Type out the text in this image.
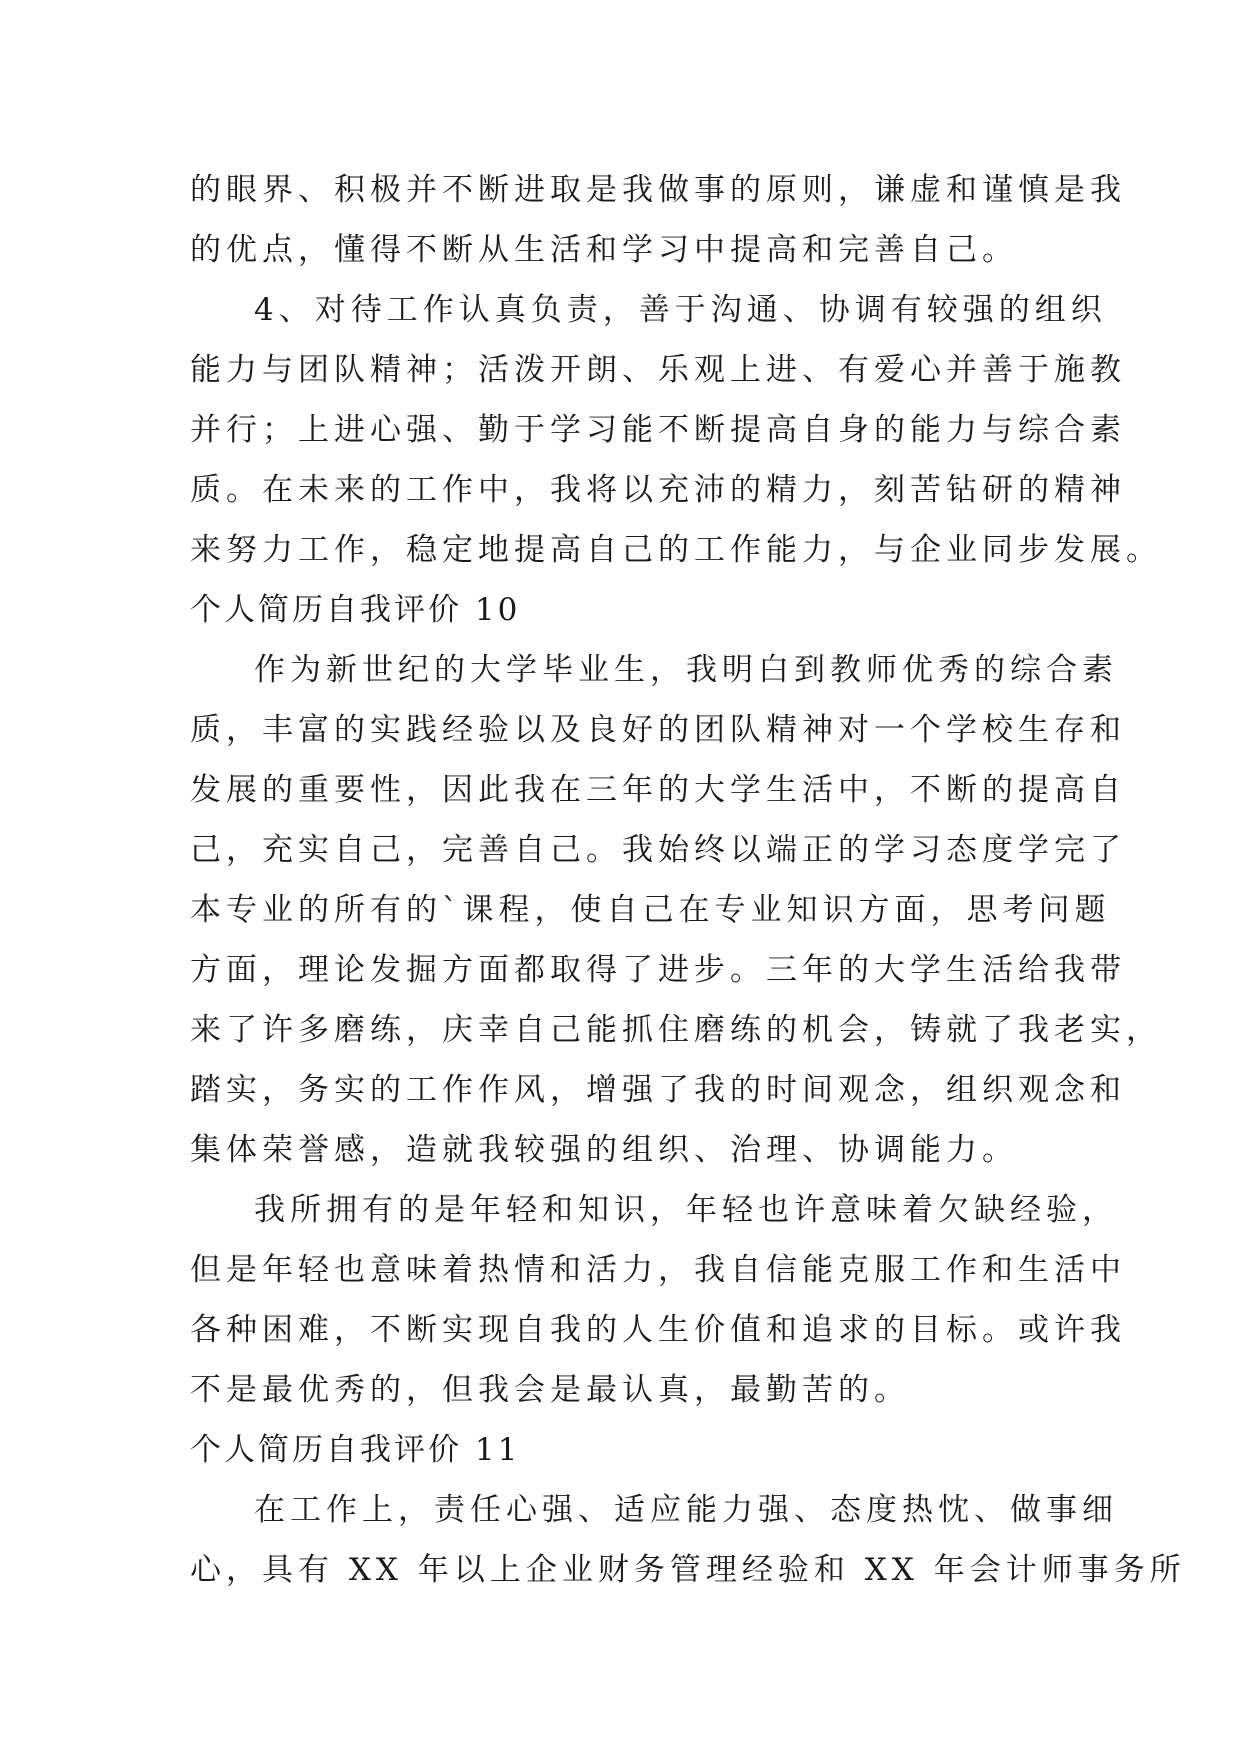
的眼界、积极并不断进取是我做事的原则，谦虚和谨慎是我
的优点，懂得不断从生活和学习中提高和完善自己。
4、对待工作认真负责，善于沟通、协调有较强的组织
能力与团队精神；活泼开朗、乐观上进、有爱心并善于施教
并行；上进心强、勤于学习能不断提高自身的能力与综合素
质。在未来的工作中，我将以充沛的精力，刻苦钻研的精神
来努力工作，稳定地提高自己的工作能力，与企业同步发展。
个人简历自我评价 10
作为新世纪的大学毕业生，我明白到教师优秀的综合素
质，丰富的实践经验以及良好的团队精神对一个学校生存和
发展的重要性，因此我在三年的大学生活中，不断的提高自
己，充实自己，完善自己。我始终以端正的学习态度学完了
本专业的所有的`课程，使自己在专业知识方面，思考问题
方面，理论发掘方面都取得了进步。三年的大学生活给我带
来了许多磨练，庆幸自己能抓住磨练的机会，铸就了我老实，
踏实，务实的工作作风，增强了我的时间观念，组织观念和
集体荣誉感，造就我较强的组织、治理、协调能力。
我所拥有的是年轻和知识，年轻也许意味着欠缺经验，
但是年轻也意味着热情和活力，我自信能克服工作和生活中
各种困难，不断实现自我的人生价值和追求的目标。或许我
不是最优秀的，但我会是最认真，最勤苦的。
个人简历自我评价 11
在工作上，责任心强、适应能力强、态度热忱、做事细
心，具有 XX 年以上企业财务管理经验和 XX 年会计师事务所
